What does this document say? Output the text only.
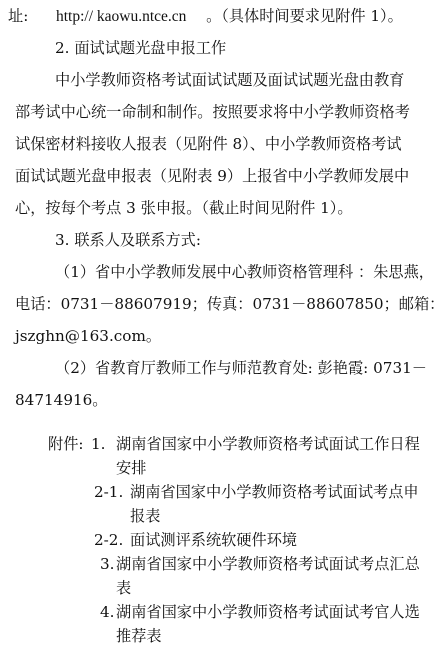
址: http:// kaowu.ntce.cn 。（具体时间要求见附件 1）。
2. 面试试题光盘申报工作
中小学教师资格考试面试试题及面试试题光盘由教育
部考试中心统一命制和制作。按照要求将中小学教师资格考
试保密材料接收人报表（见附件 8）、中小学教师资格考试
面试试题光盘申报表（见附表 9）上报省中小学教师发展中
心，按每个考点 3 张申报。（截止时间见附件 1）。
3. 联系人及联系方式:
（1）省中小学教师发展中心教师资格管理科 ：朱思燕，
电话：0731－88607919；传真：0731－88607850；邮箱：
jszghn@163.com。
（2）省教育厅教师工作与师范教育处: 彭艳霞: 0731－
84714916。
附件: 1. 湖南省国家中小学教师资格考试面试工作日程
安排
2-1. 湖南省国家中小学教师资格考试面试考点申
报表
2-2. 面试测评系统软硬件环境
3. 湖南省国家中小学教师资格考试面试考点汇总
表
4. 湖南省国家中小学教师资格考试面试考官人选
推荐表
